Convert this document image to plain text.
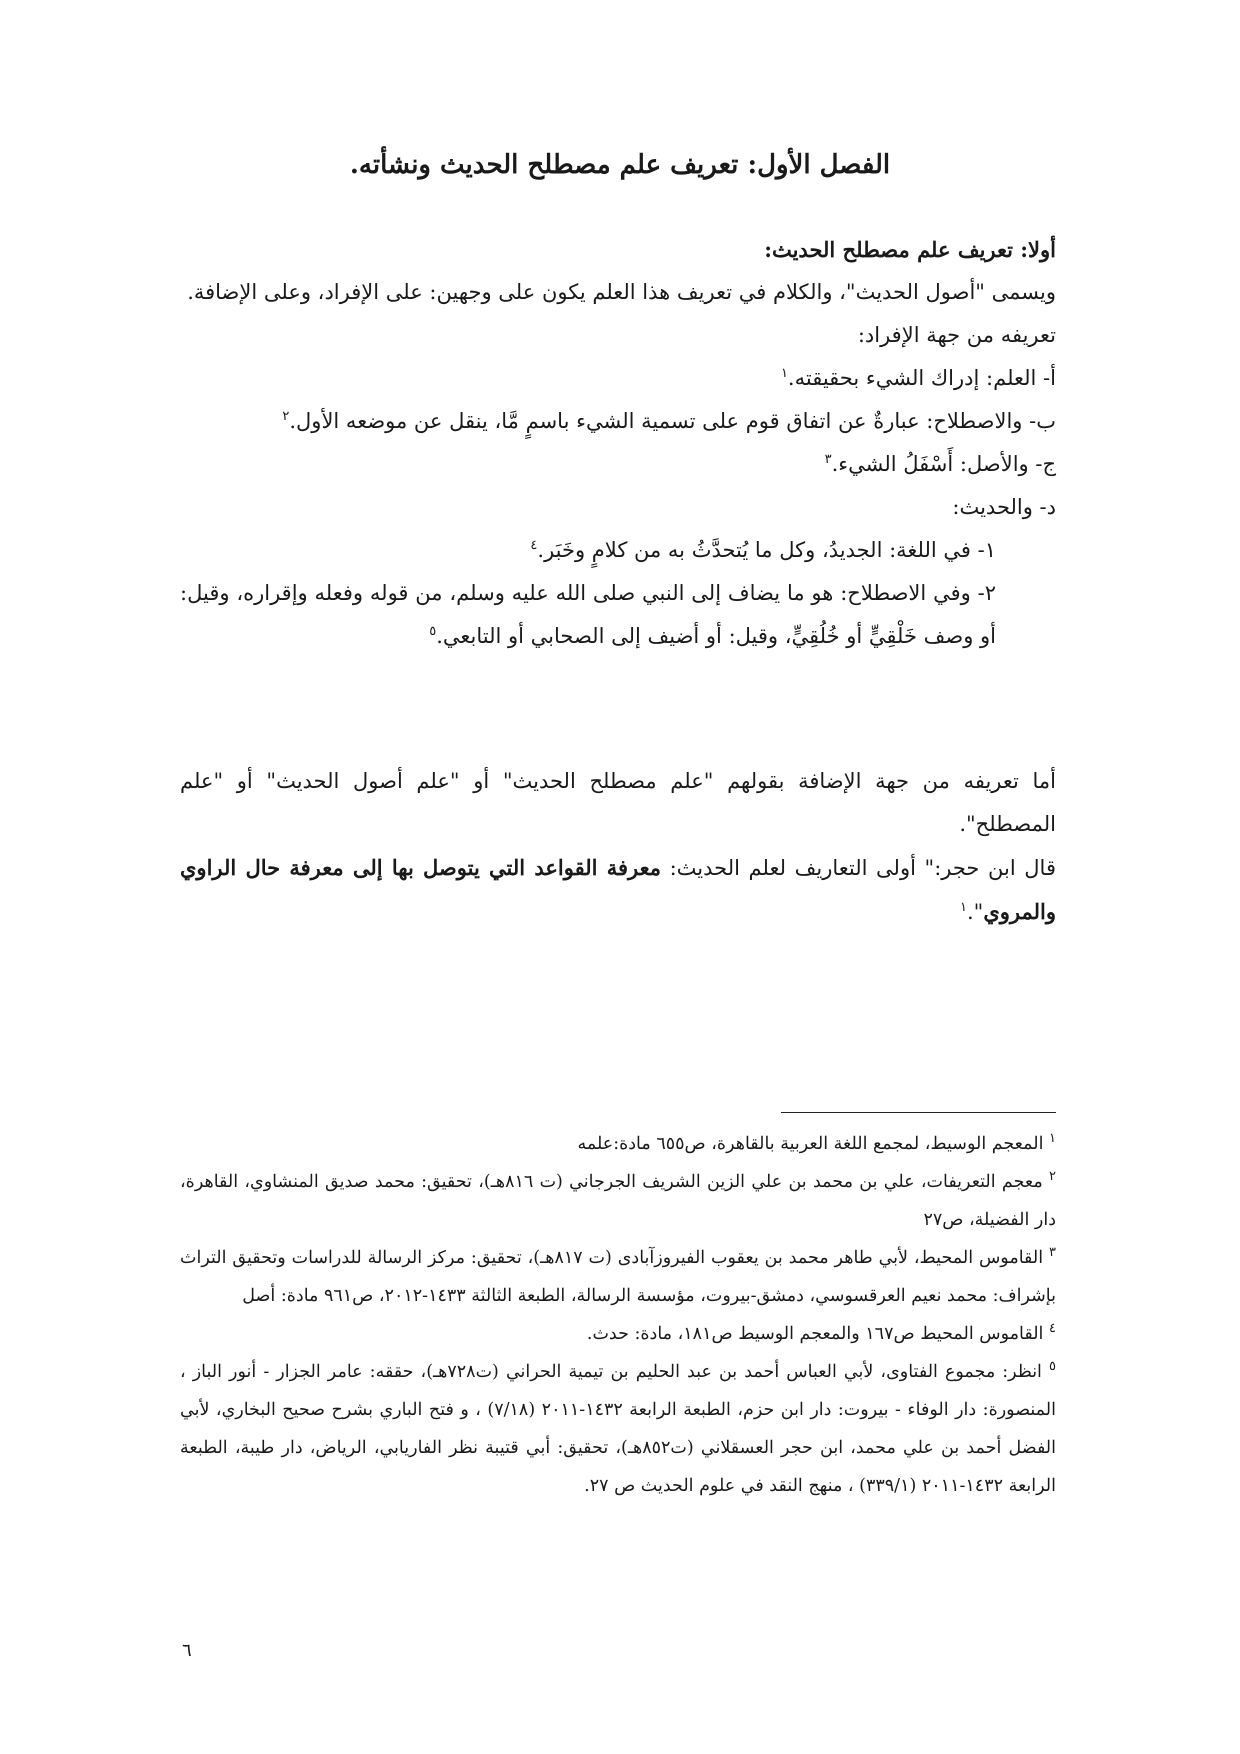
الفصل الأول: تعريف علم مصطلح الحديث ونشأته.

أولا: تعريف علم مصطلح الحديث:

ويسمى "أصول الحديث"، والكلام في تعريف هذا العلم يكون على وجهين: على الإفراد، وعلى الإضافة.

تعريفه من جهة الإفراد:

أ- العلم: إدراك الشيء بحقيقته.$^١$

ب- والاصطلاح: عبارةٌ عن اتفاق قوم على تسمية الشيء باسمٍ مَّا، ينقل عن موضعه الأول.$^٢$

ج- والأصل: أَسْفَلُ الشيء.$^٣$

د- والحديث:

١- في اللغة: الجديدُ، وكل ما يُتحدَّثُ به من كلامٍ وخَبَر.$^٤$

٢- وفي الاصطلاح: هو ما يضاف إلى النبي صلى الله عليه وسلم، من قوله وفعله وإقراره، وقيل: أو وصف خَلْقِيٍّ أو خُلُقِيٍّ، وقيل: أو أضيف إلى الصحابي أو التابعي.$^٥$

أما تعريفه من جهة الإضافة بقولهم "علم مصطلح الحديث" أو "علم أصول الحديث" أو "علم المصطلح".

قال ابن حجر:" أولى التعاريف لعلم الحديث: معرفة القواعد التي يتوصل بها إلى معرفة حال الراوي والمروي".$^١$

$^١$ المعجم الوسيط، لمجمع اللغة العربية بالقاهرة، ص٦٥٥ مادة:علمه

$^٢$ معجم التعريفات، علي بن محمد بن علي الزين الشريف الجرجاني (ت ٨١٦هـ)، تحقيق: محمد صديق المنشاوي، القاهرة، دار الفضيلة، ص٢٧

$^٣$ القاموس المحيط، لأبي طاهر محمد بن يعقوب الفيروزآبادى (ت ٨١٧هـ)، تحقيق: مركز الرسالة للدراسات وتحقيق التراث بإشراف: محمد نعيم العرقسوسي، دمشق-بيروت، مؤسسة الرسالة، الطبعة الثالثة ١٤٣٣-٢٠١٢، ص٩٦١ مادة: أصل

$^٤$ القاموس المحيط ص١٦٧ والمعجم الوسيط ص١٨١، مادة: حدث.

$^٥$ انظر: مجموع الفتاوى، لأبي العباس أحمد بن عبد الحليم بن تيمية الحراني (ت٧٢٨هـ)، حققه: عامر الجزار - أنور الباز ، المنصورة: دار الوفاء - بيروت: دار ابن حزم، الطبعة الرابعة ١٤٣٢-٢٠١١ (٧/١٨) ، و فتح الباري بشرح صحيح البخاري، لأبي الفضل أحمد بن علي محمد، ابن حجر العسقلاني (ت٨٥٢هـ)، تحقيق: أبي قتيبة نظر الفاريابي، الرياض، دار طيبة، الطبعة الرابعة ١٤٣٢-٢٠١١ (٣٣٩/١) ، منهج النقد في علوم الحديث ص ٢٧.

٦
